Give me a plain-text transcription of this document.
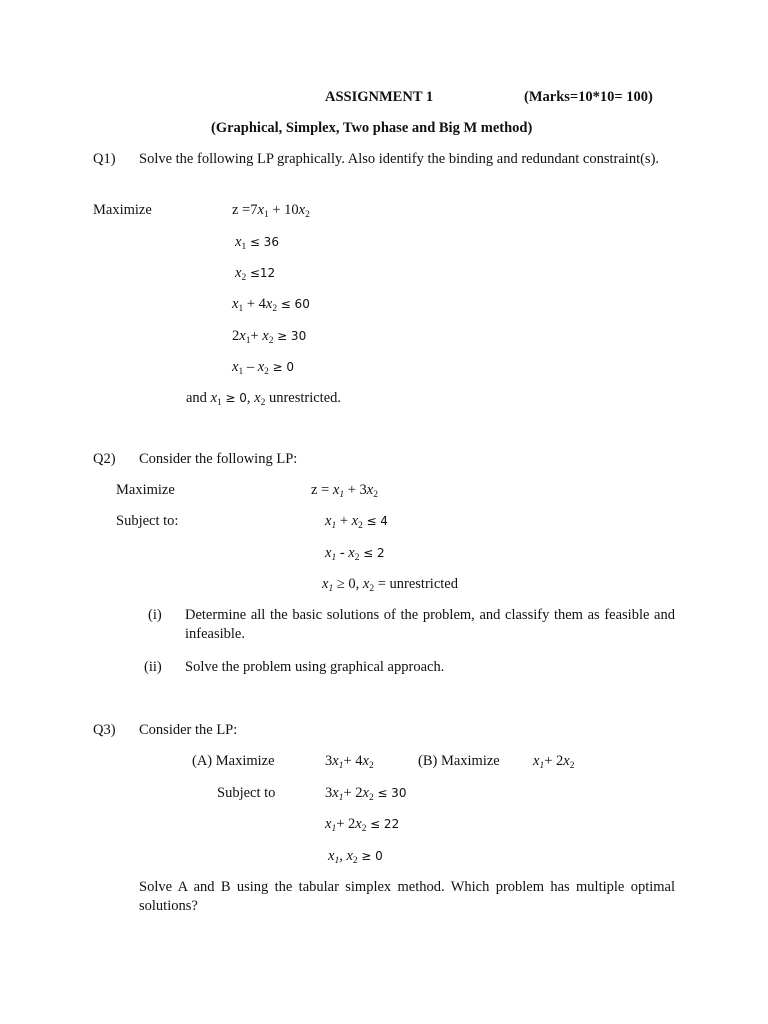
ASSIGNMENT 1	(Marks=10*10= 100)
(Graphical, Simplex, Two phase and Big M method)
Q1)	Solve the following LP graphically. Also identify the binding and redundant constraint(s).
Maximize	$z =7x_1 + 10x_2$
$x_1 \le 36$
$x_2 \le 12$
$x_1 + 4x_2 \le 60$
$2x_1+ x_2 \ge 30$
$x_1 - x_2 \ge 0$
and $x_1 \ge 0$, $x_2$ unrestricted.
Q2) Consider the following LP:
Maximize	$z = x_1 + 3x_2$
Subject to:	$x_1 + x_2 \le 4$
$x_1 - x_2 \le 2$
$x_1 \ge 0$, $x_2$ = unrestricted
(i) Determine all the basic solutions of the problem, and classify them as feasible and infeasible.
(ii) Solve the problem using graphical approach.
Q3) Consider the LP:
(A) Maximize	$3x_1+ 4x_2$	(B) Maximize $x_1+ 2x_2$
Subject to	$3x_1+ 2x_2 \le 30$
$x_1+ 2x_2 \le 22$
$x_1$, $x_2 \ge 0$
Solve A and B using the tabular simplex method. Which problem has multiple optimal solutions?
